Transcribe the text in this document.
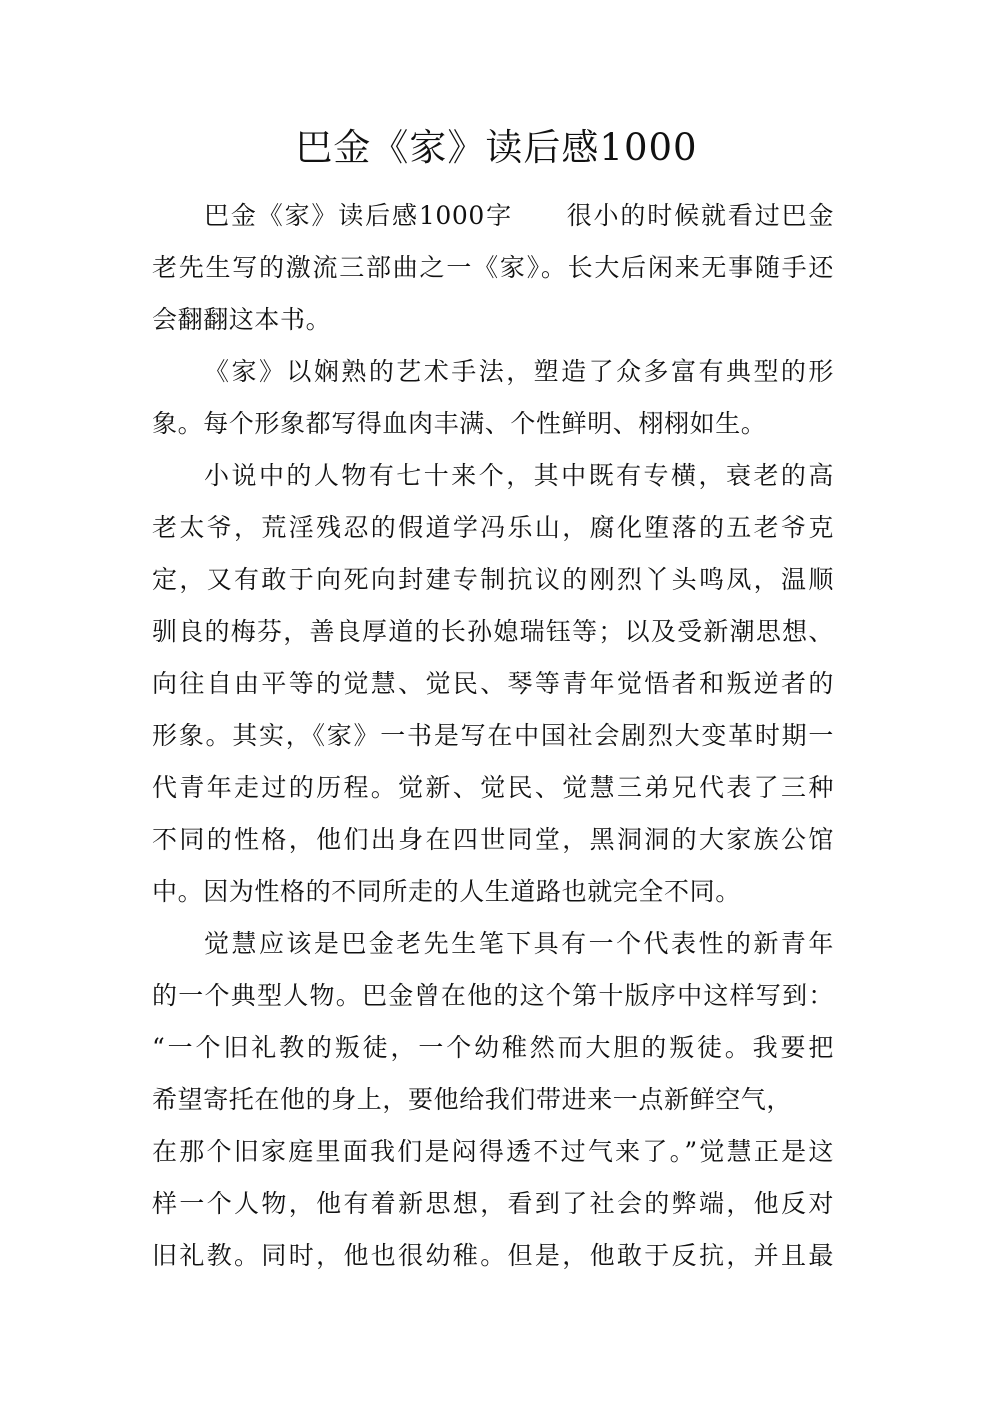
巴金《家》读后感1000
巴金《家》读后感1000字　　很小的时候就看过巴金
老先生写的激流三部曲之一《家》。长大后闲来无事随手还
会翻翻这本书。
《家》以娴熟的艺术手法，塑造了众多富有典型的形
象。每个形象都写得血肉丰满、个性鲜明、栩栩如生。
小说中的人物有七十来个，其中既有专横，衰老的高
老太爷，荒淫残忍的假道学冯乐山，腐化堕落的五老爷克
定，又有敢于向死向封建专制抗议的刚烈丫头鸣凤，温顺
驯良的梅芬，善良厚道的长孙媳瑞钰等；以及受新潮思想、
向往自由平等的觉慧、觉民、琴等青年觉悟者和叛逆者的
形象。其实，《家》一书是写在中国社会剧烈大变革时期一
代青年走过的历程。觉新、觉民、觉慧三弟兄代表了三种
不同的性格，他们出身在四世同堂，黑洞洞的大家族公馆
中。因为性格的不同所走的人生道路也就完全不同。
觉慧应该是巴金老先生笔下具有一个代表性的新青年
的一个典型人物。巴金曾在他的这个第十版序中这样写到：
“一个旧礼教的叛徒，一个幼稚然而大胆的叛徒。我要把
希望寄托在他的身上，要他给我们带进来一点新鲜空气，
在那个旧家庭里面我们是闷得透不过气来了。”觉慧正是这
样一个人物，他有着新思想，看到了社会的弊端，他反对
旧礼教。同时，他也很幼稚。但是，他敢于反抗，并且最
